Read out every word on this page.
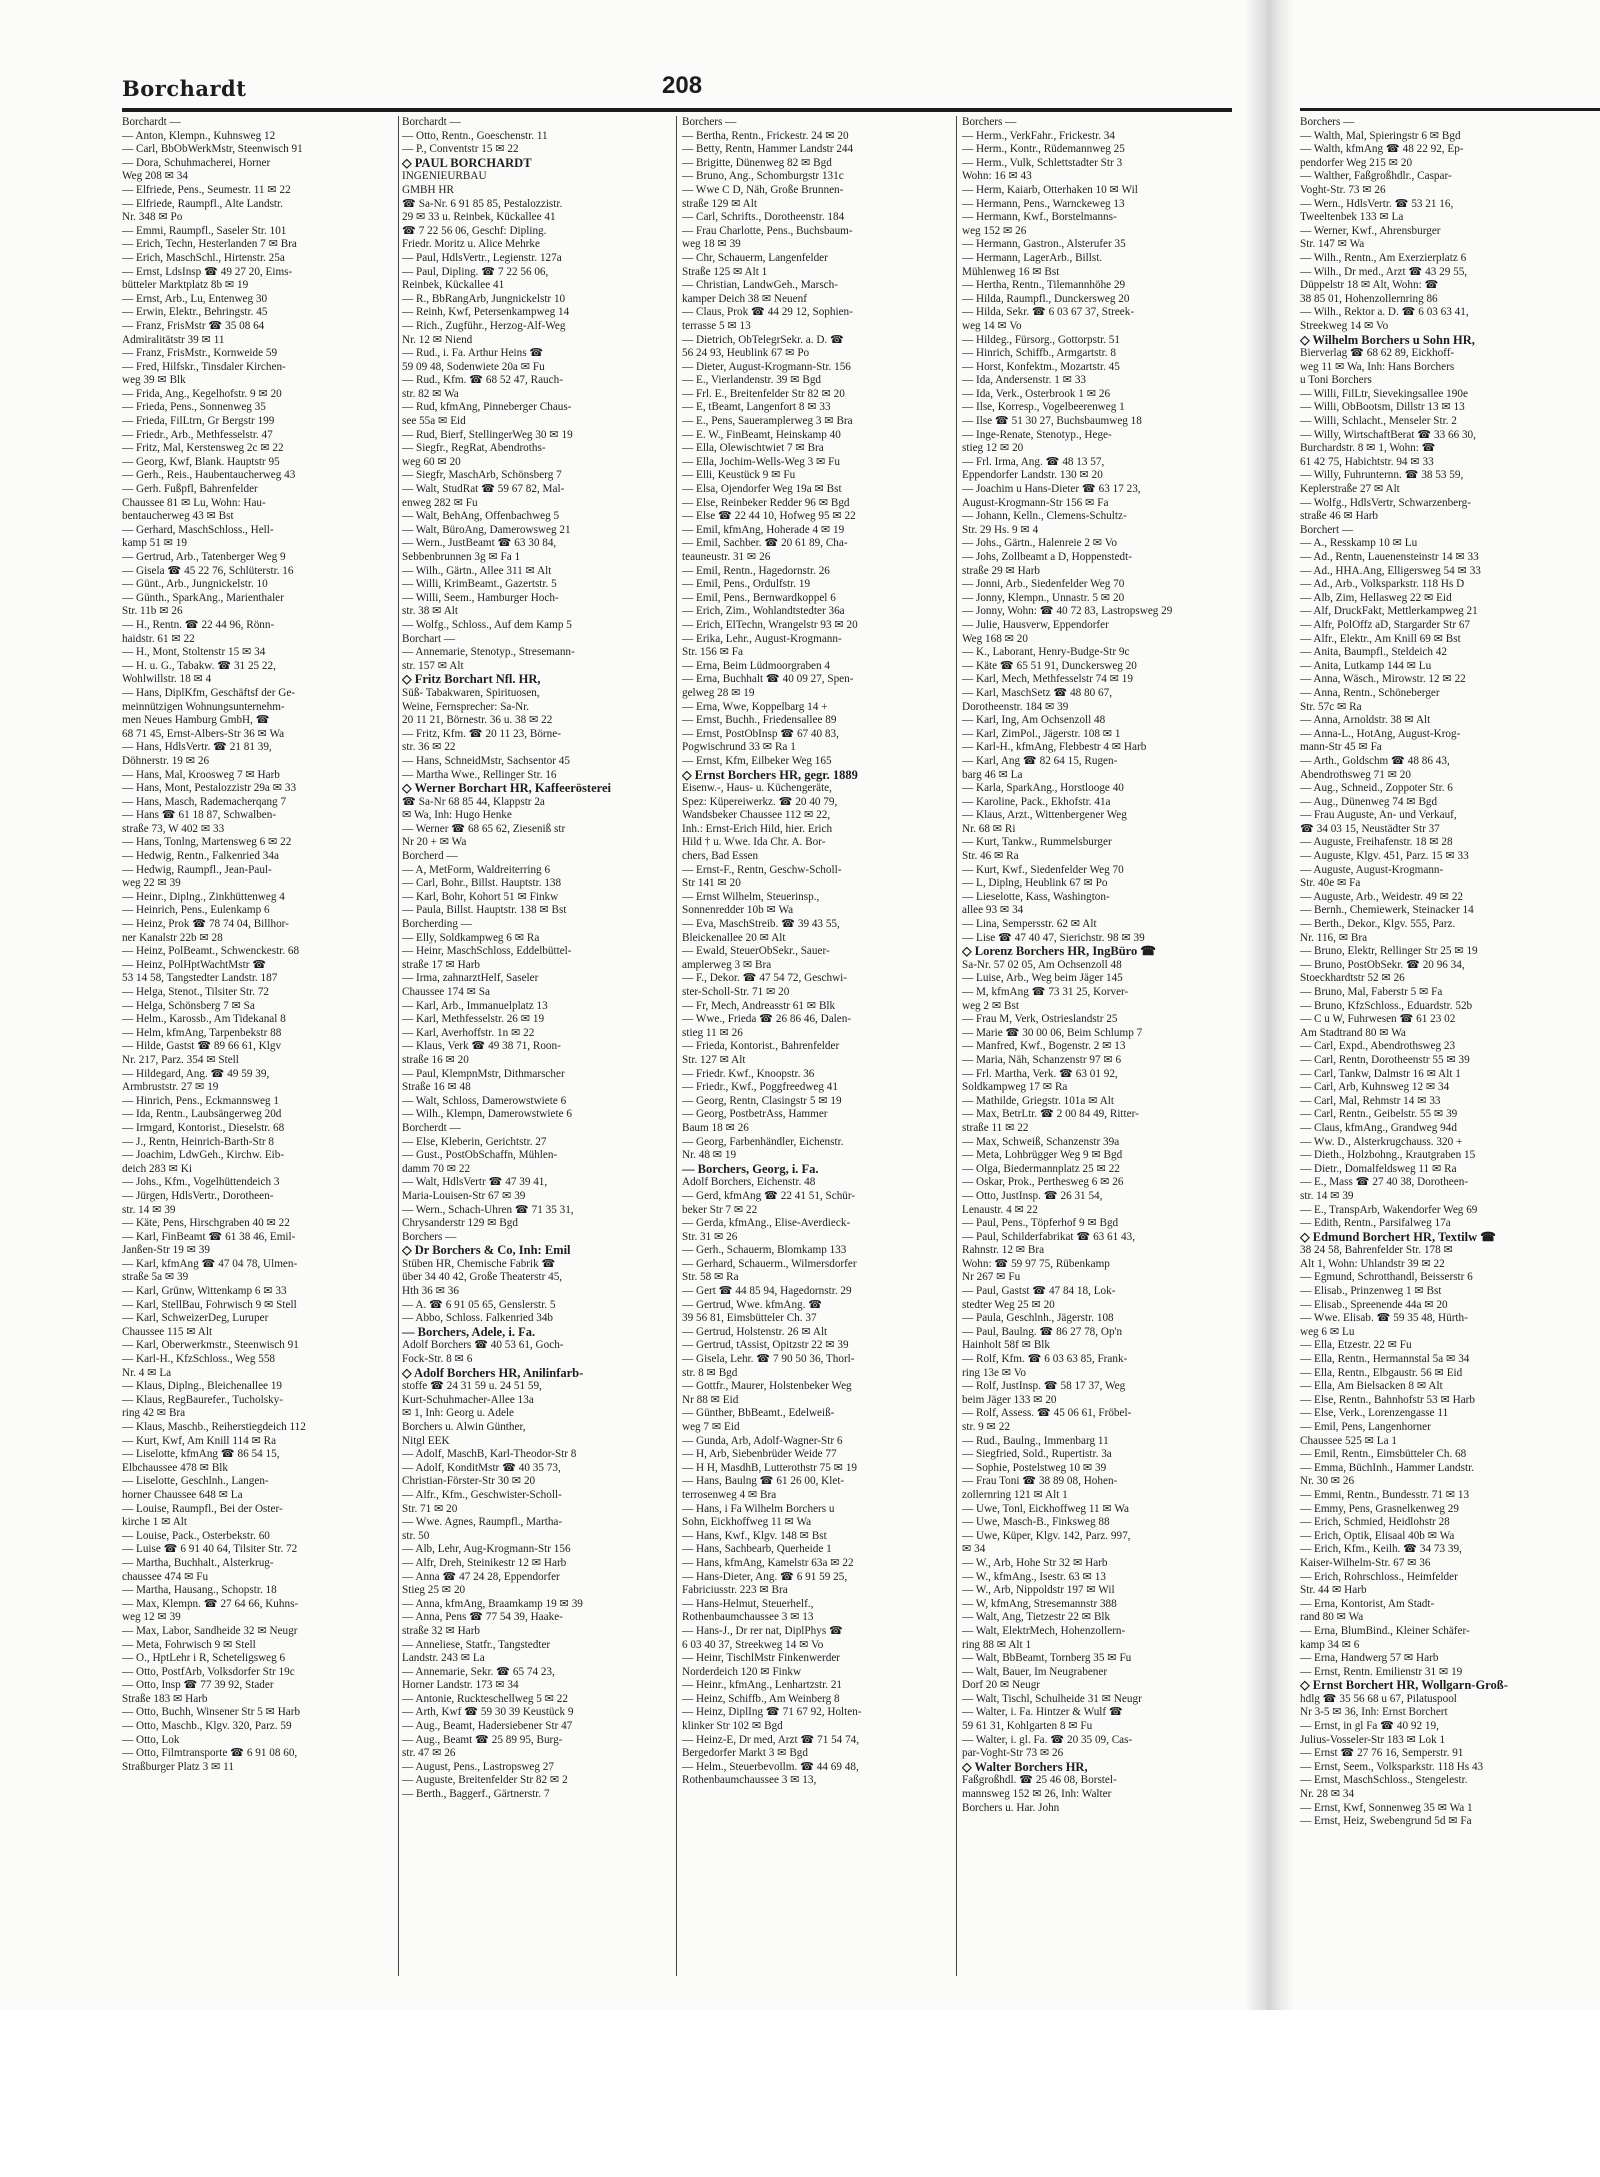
Borchardt	208
Borchardt —
— Anton, Klempn., Kuhnsweg 12
— Carl, BbObWerkMstr, Steenwisch 91
— Dora, Schuhmacherei, Horner
Weg 208 ✉ 34
— Elfriede, Pens., Seumestr. 11 ✉ 22
— Elfriede, Raumpfl., Alte Landstr.
Nr. 348 ✉ Po
— Emmi, Raumpfl., Saseler Str. 101
— Erich, Techn, Hesterlanden 7 ✉ Bra
— Erich, MaschSchl., Hirtenstr. 25a
— Ernst, LdsInsp ☎ 49 27 20, Eims-
bütteler Marktplatz 8b ✉ 19
— Ernst, Arb., Lu, Entenweg 30
— Erwin, Elektr., Behringstr. 45
— Franz, FrisMstr ☎ 35 08 64
Admiralitätstr 39 ✉ 11
— Franz, FrisMstr., Kornweide 59
— Fred, Hilfskr., Tinsdaler Kirchen-
weg 39 ✉ Blk
— Frida, Ang., Kegelhofstr. 9 ✉ 20
— Frieda, Pens., Sonnenweg 35
— Frieda, FilLtrn, Gr Bergstr 199
— Friedr., Arb., Methfesselstr. 47
— Fritz, Mal, Kerstensweg 2c ✉ 22
— Georg, Kwf, Blank. Hauptstr 95
— Gerh., Reis., Haubentaucherweg 43
— Gerh. Fußpfl, Bahrenfelder
Chaussee 81 ✉ Lu, Wohn: Hau-
bentaucherweg 43 ✉ Bst
— Gerhard, MaschSchloss., Hell-
kamp 51 ✉ 19
— Gertrud, Arb., Tatenberger Weg 9
— Gisela ☎ 45 22 76, Schlüterstr. 16
— Günt., Arb., Jungnickelstr. 10
— Günth., SparkAng., Marienthaler
Str. 11b ✉ 26
— H., Rentn. ☎ 22 44 96, Rönn-
haidstr. 61 ✉ 22
— H., Mont, Stoltenstr 15 ✉ 34
— H. u. G., Tabakw. ☎ 31 25 22,
Wohlwillstr. 18 ✉ 4
— Hans, DiplKfm, Geschäftsf der Ge-
meinnützigen Wohnungsunternehm-
men Neues Hamburg GmbH, ☎
68 71 45, Ernst-Albers-Str 36 ✉ Wa
— Hans, HdlsVertr. ☎ 21 81 39,
Döhnerstr. 19 ✉ 26
— Hans, Mal, Kroosweg 7 ✉ Harb
— Hans, Mont, Pestalozzistr 29a ✉ 33
— Hans, Masch, Rademacherqang 7
— Hans ☎ 61 18 87, Schwalben-
straße 73, W 402 ✉ 33
— Hans, Tonlng, Martensweg 6 ✉ 22
— Hedwig, Rentn., Falkenried 34a
— Hedwig, Raumpfl., Jean-Paul-
weg 22 ✉ 39
— Heinr., Diplng., Zinkhüttenweg 4
— Heinrich, Pens., Eulenkamp 6
— Heinz, Prok ☎ 78 74 04, Billhor-
ner Kanalstr 22b ✉ 28
— Heinz, PolBeamt., Schwenckestr. 68
— Heinz, PolHptWachtMstr ☎
53 14 58, Tangstedter Landstr. 187
— Helga, Stenot., Tilsiter Str. 72
— Helga, Schönsberg 7 ✉ Sa
— Helm., Karossb., Am Tidekanal 8
— Helm, kfmAng, Tarpenbekstr 88
— Hilde, Gastst ☎ 89 66 61, Klgv
Nr. 217, Parz. 354 ✉ Stell
— Hildegard, Ang. ☎ 49 59 39,
Armbruststr. 27 ✉ 19
— Hinrich, Pens., Eckmannsweg 1
— Ida, Rentn., Laubsängerweg 20d
— Irmgard, Kontorist., Dieselstr. 68
— J., Rentn, Heinrich-Barth-Str 8
— Joachim, LdwGeh., Kirchw. Eib-
deich 283 ✉ Ki
— Johs., Kfm., Vogelhüttendeich 3
— Jürgen, HdlsVertr., Dorotheen-
str. 14 ✉ 39
— Käte, Pens, Hirschgraben 40 ✉ 22
— Karl, FinBeamt ☎ 61 38 46, Emil-
Janßen-Str 19 ✉ 39
— Karl, kfmAng ☎ 47 04 78, Ulmen-
straße 5a ✉ 39
— Karl, Grünw, Wittenkamp 6 ✉ 33
— Karl, StellBau, Fohrwisch 9 ✉ Stell
— Karl, SchweizerDeg, Luruper
Chaussee 115 ✉ Alt
— Karl, Oberwerkmstr., Steenwisch 91
— Karl-H., KfzSchloss., Weg 558
Nr. 4 ✉ La
— Klaus, Diplng., Bleichenallee 19
— Klaus, RegBaurefer., Tucholsky-
ring 42 ✉ Bra
— Klaus, Maschb., Reiherstiegdeich 112
— Kurt, Kwf, Am Knill 114 ✉ Ra
— Liselotte, kfmAng ☎ 86 54 15,
Elbchaussee 478 ✉ Blk
— Liselotte, Geschlnh., Langen-
horner Chaussee 648 ✉ La
— Louise, Raumpfl., Bei der Oster-
kirche 1 ✉ Alt
— Louise, Pack., Osterbekstr. 60
— Luise ☎ 6 91 40 64, Tilsiter Str. 72
— Martha, Buchhalt., Alsterkrug-
chaussee 474 ✉ Fu
— Martha, Hausang., Schopstr. 18
— Max, Klempn. ☎ 27 64 66, Kuhns-
weg 12 ✉ 39
— Max, Labor, Sandheide 32 ✉ Neugr
— Meta, Fohrwisch 9 ✉ Stell
— O., HptLehr i R, Scheteligsweg 6
— Otto, PostfArb, Volksdorfer Str 19c
— Otto, Insp ☎ 77 39 92, Stader
Straße 183 ✉ Harb
— Otto, Buchh, Winsener Str 5 ✉ Harb
— Otto, Maschb., Klgv. 320, Parz. 59
— Otto, Lok
— Otto, Filmtransporte ☎ 6 91 08 60,
Straßburger Platz 3 ✉ 11
Borchardt —
— Otto, Rentn., Goeschenstr. 11
— P., Conventstr 15 ✉ 22
◇ PAUL BORCHARDT
INGENIEURBAU
GMBH HR
☎ Sa-Nr. 6 91 85 85, Pestalozzistr.
29 ✉ 33 u. Reinbek, Kückallee 41
☎ 7 22 56 06, Geschf: Dipling.
Friedr. Moritz u. Alice Mehrke
— Paul, HdlsVertr., Legienstr. 127a
— Paul, Dipling. ☎ 7 22 56 06,
Reinbek, Kückallee 41
— R., BbRangArb, Jungnickelstr 10
— Reinh, Kwf, Petersenkampweg 14
— Rich., Zugführ., Herzog-Alf-Weg
Nr. 12 ✉ Niend
— Rud., i. Fa. Arthur Heins ☎
59 09 48, Sodenwiete 20a ✉ Fu
— Rud., Kfm. ☎ 68 52 47, Rauch-
str. 82 ✉ Wa
— Rud, kfmAng, Pinneberger Chaus-
see 55a ✉ Eid
— Rud, Bierf, StellingerWeg 30 ✉ 19
— Siegfr., RegRat, Abendroths-
weg 60 ✉ 20
— Siegfr, MaschArb, Schönsberg 7
— Walt, StudRat ☎ 59 67 82, Mal-
enweg 282 ✉ Fu
— Walt, BehAng, Offenbachweg 5
— Walt, BüroAng, Damerowsweg 21
— Wern., JustBeamt ☎ 63 30 84,
Sebbenbrunnen 3g ✉ Fa 1
— Wilh., Gärtn., Allee 311 ✉ Alt
— Willi, KrimBeamt., Gazertstr. 5
— Willi, Seem., Hamburger Hoch-
str. 38 ✉ Alt
— Wolfg., Schloss., Auf dem Kamp 5
Borchart —
— Annemarie, Stenotyp., Stresemann-
str. 157 ✉ Alt
◇ Fritz Borchart Nfl. HR,
Süß- Tabakwaren, Spirituosen,
Weine, Fernsprecher: Sa-Nr.
20 11 21, Börnestr. 36 u. 38 ✉ 22
— Fritz, Kfm. ☎ 20 11 23, Börne-
str. 36 ✉ 22
— Hans, SchneidMstr, Sachsentor 45
— Martha Wwe., Rellinger Str. 16
◇ Werner Borchart HR, Kaffeerösterei
☎ Sa-Nr 68 85 44, Klappstr 2a
✉ Wa, Inh: Hugo Henke
— Werner ☎ 68 65 62, Zieseniß str
Nr 20 + ✉ Wa
Borcherd —
— A, MetForm, Waldreiterring 6
— Carl, Bohr., Billst. Hauptstr. 138
— Karl, Bohr, Kohort 51 ✉ Finkw
— Paula, Billst. Hauptstr. 138 ✉ Bst
Borcherding —
— Elly, Soldkampweg 6 ✉ Ra
— Heinr, MaschSchloss, Eddelbüttel-
straße 17 ✉ Harb
— Irma, zahnarztHelf, Saseler
Chaussee 174 ✉ Sa
— Karl, Arb., Immanuelplatz 13
— Karl, Methfesselstr. 26 ✉ 19
— Karl, Averhoffstr. 1n ✉ 22
— Klaus, Verk ☎ 49 38 71, Roon-
straße 16 ✉ 20
— Paul, KlempnMstr, Dithmarscher
Straße 16 ✉ 48
— Walt, Schloss, Damerowstwiete 6
— Wilh., Klempn, Damerowstwiete 6
Borcherdt —
— Else, Kleberin, Gerichtstr. 27
— Gust., PostObSchaffn, Mühlen-
damm 70 ✉ 22
— Walt, HdlsVertr ☎ 47 39 41,
Maria-Louisen-Str 67 ✉ 39
— Wern., Schach-Uhren ☎ 71 35 31,
Chrysanderstr 129 ✉ Bgd
Borchers —
◇ Dr Borchers & Co, Inh: Emil
Stüben HR, Chemische Fabrik ☎
über 34 40 42, Große Theaterstr 45,
Hth 36 ✉ 36
— A. ☎ 6 91 05 65, Genslerstr. 5
— Abbo, Schloss. Falkenried 34b
— Borchers, Adele, i. Fa.
Adolf Borchers ☎ 40 53 61, Goch-
Fock-Str. 8 ✉ 6
◇ Adolf Borchers HR, Anilinfarb-
stoffe ☎ 24 31 59 u. 24 51 59,
Kurt-Schuhmacher-Allee 13a
✉ 1, Inh: Georg u. Adele
Borchers u. Alwin Günther,
Nitgl EEK
— Adolf, MaschB, Karl-Theodor-Str 8
— Adolf, KonditMstr ☎ 40 35 73,
Christian-Förster-Str 30 ✉ 20
— Alfr., Kfm., Geschwister-Scholl-
Str. 71 ✉ 20
— Wwe. Agnes, Raumpfl., Martha-
str. 50
— Alb, Lehr, Aug-Krogmann-Str 156
— Alfr, Dreh, Steinikestr 12 ✉ Harb
— Anna ☎ 47 24 28, Eppendorfer
Stieg 25 ✉ 20
— Anna, kfmAng, Braamkamp 19 ✉ 39
— Anna, Pens ☎ 77 54 39, Haake-
straße 32 ✉ Harb
— Anneliese, Statfr., Tangstedter
Landstr. 243 ✉ La
— Annemarie, Sekr. ☎ 65 74 23,
Horner Landstr. 173 ✉ 34
— Antonie, Ruckteschellweg 5 ✉ 22
— Arth, Kwf ☎ 59 30 39 Keustück 9
— Aug., Beamt, Hadersiebener Str 47
— Aug., Beamt ☎ 25 89 95, Burg-
str. 47 ✉ 26
— August, Pens., Lastropsweg 27
— Auguste, Breitenfelder Str 82 ✉ 2
— Berth., Baggerf., Gärtnerstr. 7
Borchers —
— Bertha, Rentn., Frickestr. 24 ✉ 20
— Betty, Rentn, Hammer Landstr 244
— Brigitte, Dünenweg 82 ✉ Bgd
— Bruno, Ang., Schomburgstr 131c
— Wwe C D, Näh, Große Brunnen-
straße 129 ✉ Alt
— Carl, Schrifts., Dorotheenstr. 184
— Frau Charlotte, Pens., Buchsbaum-
weg 18 ✉ 39
— Chr, Schauerm, Langenfelder
Straße 125 ✉ Alt 1
— Christian, LandwGeh., Marsch-
kamper Deich 38 ✉ Neuenf
— Claus, Prok ☎ 44 29 12, Sophien-
terrasse 5 ✉ 13
— Dietrich, ObTelegrSekr. a. D. ☎
56 24 93, Heublink 67 ✉ Po
— Dieter, August-Krogmann-Str. 156
— E., Vierlandenstr. 39 ✉ Bgd
— Frl. E., Breitenfelder Str 82 ✉ 20
— E, tBeamt, Langenfort 8 ✉ 33
— E., Pens, Saueramplerweg 3 ✉ Bra
— E. W., FinBeamt, Heinskamp 40
— Ella, Olewischtwiet 7 ✉ Bra
— Ella, Jochim-Wells-Weg 3 ✉ Fu
— Elli, Keustück 9 ✉ Fu
— Elsa, Ojendorfer Weg 19a ✉ Bst
— Else, Reinbeker Redder 96 ✉ Bgd
— Else ☎ 22 44 10, Hofweg 95 ✉ 22
— Emil, kfmAng, Hoherade 4 ✉ 19
— Emil, Sachber. ☎ 20 61 89, Cha-
teauneustr. 31 ✉ 26
— Emil, Rentn., Hagedornstr. 26
— Emil, Pens., Ordulfstr. 19
— Emil, Pens., Bernwardkoppel 6
— Erich, Zim., Wohlandtstedter 36a
— Erich, ElTechn, Wrangelstr 93 ✉ 20
— Erika, Lehr., August-Krogmann-
Str. 156 ✉ Fa
— Erna, Beim Lüdmoorgraben 4
— Erna, Buchhalt ☎ 40 09 27, Spen-
gelweg 28 ✉ 19
— Erna, Wwe, Koppelbarg 14 +
— Ernst, Buchh., Friedensallee 89
— Ernst, PostObInsp ☎ 67 40 83,
Pogwischrund 33 ✉ Ra 1
— Ernst, Kfm, Eilbeker Weg 165
◇ Ernst Borchers HR, gegr. 1889
Eisenw.-, Haus- u. Küchengeräte,
Spez: Küpereiwerkz. ☎ 20 40 79,
Wandsbeker Chaussee 112 ✉ 22,
Inh.: Ernst-Erich Hild, hier. Erich
Hild † u. Wwe. Ida Chr. A. Bor-
chers, Bad Essen
— Ernst-F., Rentn, Geschw-Scholl-
Str 141 ✉ 20
— Ernst Wilhelm, Steuerinsp.,
Sonnenredder 10b ✉ Wa
— Eva, MaschStreib. ☎ 39 43 55,
Bleickenallee 20 ✉ Alt
— Ewald, SteuerObSekr., Sauer-
amplerweg 3 ✉ Bra
— F., Dekor. ☎ 47 54 72, Geschwi-
ster-Scholl-Str. 71 ✉ 20
— Fr, Mech, Andreasstr 61 ✉ Blk
— Wwe., Frieda ☎ 26 86 46, Dalen-
stieg 11 ✉ 26
— Frieda, Kontorist., Bahrenfelder
Str. 127 ✉ Alt
— Friedr. Kwf., Knoopstr. 36
— Friedr., Kwf., Poggfreedweg 41
— Georg, Rentn, Clasingstr 5 ✉ 19
— Georg, PostbetrAss, Hammer
Baum 18 ✉ 26
— Georg, Farbenhändler, Eichenstr.
Nr. 48 ✉ 19
— Borchers, Georg, i. Fa.
Adolf Borchers, Eichenstr. 48
— Gerd, kfmAng ☎ 22 41 51, Schür-
beker Str 7 ✉ 22
— Gerda, kfmAng., Elise-Averdieck-
Str. 31 ✉ 26
— Gerh., Schauerm, Blomkamp 133
— Gerhard, Schauerm., Wilmersdorfer
Str. 58 ✉ Ra
— Gert ☎ 44 85 94, Hagedornstr. 29
— Gertrud, Wwe. kfmAng. ☎
39 56 81, Eimsbütteler Ch. 37
— Gertrud, Holstenstr. 26 ✉ Alt
— Gertrud, tAssist, Opitzstr 22 ✉ 39
— Gisela, Lehr. ☎ 7 90 50 36, Thorl-
str. 8 ✉ Bgd
— Gottfr., Maurer, Holstenbeker Weg
Nr 88 ✉ Eid
— Günther, BbBeamt., Edelweiß-
weg 7 ✉ Eid
— Gunda, Arb, Adolf-Wagner-Str 6
— H, Arb, Siebenbrüder Weide 77
— H H, MasdhB, Lutterothstr 75 ✉ 19
— Hans, Baulng ☎ 61 26 00, Klet-
terrosenweg 4 ✉ Bra
— Hans, i Fa Wilhelm Borchers u
Sohn, Eickhoffweg 11 ✉ Wa
— Hans, Kwf., Klgv. 148 ✉ Bst
— Hans, Sachbearb, Querheide 1
— Hans, kfmAng, Kamelstr 63a ✉ 22
— Hans-Dieter, Ang. ☎ 6 91 59 25,
Fabriciusstr. 223 ✉ Bra
— Hans-Helmut, Steuerhelf.,
Rothenbaumchaussee 3 ✉ 13
— Hans-J., Dr rer nat, DiplPhys ☎
6 03 40 37, Streekweg 14 ✉ Vo
— Heinr, TischlMstr Finkenwerder
Norderdeich 120 ✉ Finkw
— Heinr., kfmAng., Lenhartzstr. 21
— Heinz, Schiffb., Am Weinberg 8
— Heinz, DiplIng ☎ 71 67 92, Holten-
klinker Str 102 ✉ Bgd
— Heinz-E, Dr med, Arzt ☎ 71 54 74,
Bergedorfer Markt 3 ✉ Bgd
— Helm., Steuerbevollm. ☎ 44 69 48,
Rothenbaumchaussee 3 ✉ 13,
Borchers —
— Herm., VerkFahr., Frickestr. 34
— Herm., Kontr., Rüdemannweg 25
— Herm., Vulk, Schlettstadter Str 3
Wohn: 16 ✉ 43
— Herm, Kaiarb, Otterhaken 10 ✉ Wil
— Hermann, Pens., Warnckeweg 13
— Hermann, Kwf., Borstelmanns-
weg 152 ✉ 26
— Hermann, Gastron., Alsterufer 35
— Hermann, LagerArb., Billst.
Mühlenweg 16 ✉ Bst
— Hertha, Rentn., Tilemannhöhe 29
— Hilda, Raumpfl., Dunckersweg 20
— Hilda, Sekr. ☎ 6 03 67 37, Streek-
weg 14 ✉ Vo
— Hildeg., Fürsorg., Gottorpstr. 51
— Hinrich, Schiffb., Armgartstr. 8
— Horst, Konfektm., Mozartstr. 45
— Ida, Andersenstr. 1 ✉ 33
— Ida, Verk., Osterbrook 1 ✉ 26
— Ilse, Korresp., Vogelbeerenweg 1
— Ilse ☎ 51 30 27, Buchsbaumweg 18
— Inge-Renate, Stenotyp., Hege-
stieg 12 ✉ 20
— Frl. Irma, Ang. ☎ 48 13 57,
Eppendorfer Landstr. 130 ✉ 20
— Joachim u Hans-Dieter ☎ 63 17 23,
August-Krogmann-Str 156 ✉ Fa
— Johann, Kelln., Clemens-Schultz-
Str. 29 Hs. 9 ✉ 4
— Johs., Gärtn., Halenreie 2 ✉ Vo
— Johs, Zollbeamt a D, Hoppenstedt-
straße 29 ✉ Harb
— Jonni, Arb., Siedenfelder Weg 70
— Jonny, Klempn., Unnastr. 5 ✉ 20
— Jonny, Wohn: ☎ 40 72 83, Lastropsweg 29
— Julie, Hausverw, Eppendorfer
Weg 168 ✉ 20
— K., Laborant, Henry-Budge-Str 9c
— Käte ☎ 65 51 91, Dunckersweg 20
— Karl, Mech, Methfesselstr 74 ✉ 19
— Karl, MaschSetz ☎ 48 80 67,
Dorotheenstr. 184 ✉ 39
— Karl, Ing, Am Ochsenzoll 48
— Karl, ZimPol., Jägerstr. 108 ✉ 1
— Karl-H., kfmAng, Flebbestr 4 ✉ Harb
— Karl, Ang ☎ 82 64 15, Rugen-
barg 46 ✉ La
— Karla, SparkAng., Horstlooge 40
— Karoline, Pack., Ekhofstr. 41a
— Klaus, Arzt., Wittenbergener Weg
Nr. 68 ✉ Ri
— Kurt, Tankw., Rummelsburger
Str. 46 ✉ Ra
— Kurt, Kwf., Siedenfelder Weg 70
— L, Diplng, Heublink 67 ✉ Po
— Lieselotte, Kass, Washington-
allee 93 ✉ 34
— Lina, Sempersstr. 62 ✉ Alt
— Lise ☎ 47 40 47, Sierichstr. 98 ✉ 39
◇ Lorenz Borchers HR, IngBüro ☎
Sa-Nr. 57 02 05, Am Ochsenzoll 48
— Luise, Arb., Weg beim Jäger 145
— M, kfmAng ☎ 73 31 25, Korver-
weg 2 ✉ Bst
— Frau M, Verk, Ostrieslandstr 25
— Marie ☎ 30 00 06, Beim Schlump 7
— Manfred, Kwf., Bogenstr. 2 ✉ 13
— Maria, Näh, Schanzenstr 97 ✉ 6
— Frl. Martha, Verk. ☎ 63 01 92,
Soldkampweg 17 ✉ Ra
— Mathilde, Griegstr. 101a ✉ Alt
— Max, BetrLtr. ☎ 2 00 84 49, Ritter-
straße 11 ✉ 22
— Max, Schweiß, Schanzenstr 39a
— Meta, Lohbrügger Weg 9 ✉ Bgd
— Olga, Biedermannplatz 25 ✉ 22
— Oskar, Prok., Perthesweg 6 ✉ 26
— Otto, JustInsp. ☎ 26 31 54,
Lenaustr. 4 ✉ 22
— Paul, Pens., Töpferhof 9 ✉ Bgd
— Paul, Schilderfabrikat ☎ 63 61 43,
Rahnstr. 12 ✉ Bra
Wohn: ☎ 59 97 75, Rübenkamp
Nr 267 ✉ Fu
— Paul, Gastst ☎ 47 84 18, Lok-
stedter Weg 25 ✉ 20
— Paula, Geschlnh., Jägerstr. 108
— Paul, Baulng. ☎ 86 27 78, Op'n
Hainholt 58f ✉ Blk
— Rolf, Kfm. ☎ 6 03 63 85, Frank-
ring 13e ✉ Vo
— Rolf, JustInsp. ☎ 58 17 37, Weg
beim Jäger 133 ✉ 20
— Rolf, Assess. ☎ 45 06 61, Fröbel-
str. 9 ✉ 22
— Rud., Baulng., Immenbarg 11
— Siegfried, Sold., Rupertistr. 3a
— Sophie, Postelstweg 10 ✉ 39
— Frau Toni ☎ 38 89 08, Hohen-
zollernring 121 ✉ Alt 1
— Uwe, Tonl, Eickhoffweg 11 ✉ Wa
— Uwe, Masch-B., Finksweg 88
— Uwe, Küper, Klgv. 142, Parz. 997,
✉ 34
— W., Arb, Hohe Str 32 ✉ Harb
— W., kfmAng., Isestr. 63 ✉ 13
— W., Arb, Nippoldstr 197 ✉ Wil
— W, kfmAng, Stresemannstr 388
— Walt, Ang, Tietzestr 22 ✉ Blk
— Walt, ElektrMech, Hohenzollern-
ring 88 ✉ Alt 1
— Walt, BbBeamt, Tornberg 35 ✉ Fu
— Walt, Bauer, Im Neugrabener
Dorf 20 ✉ Neugr
— Walt, Tischl, Schulheide 31 ✉ Neugr
— Walter, i. Fa. Hintzer & Wulf ☎
59 61 31, Kohlgarten 8 ✉ Fu
— Walter, i. gl. Fa. ☎ 20 35 09, Cas-
par-Voght-Str 73 ✉ 26
◇ Walter Borchers HR,
Faßgroßhdl. ☎ 25 46 08, Borstel-
mannsweg 152 ✉ 26, Inh: Walter
Borchers u. Har. John
Borchers —
— Walth, Mal, Spieringstr 6 ✉ Bgd
— Walth, kfmAng ☎ 48 22 92, Ep-
pendorfer Weg 215 ✉ 20
— Walther, Faßgroßhdlr., Caspar-
Voght-Str. 73 ✉ 26
— Wern., HdlsVertr. ☎ 53 21 16,
Tweeltenbek 133 ✉ La
— Werner, Kwf., Ahrensburger
Str. 147 ✉ Wa
— Wilh., Rentn., Am Exerzierplatz 6
— Wilh., Dr med., Arzt ☎ 43 29 55,
Düppelstr 18 ✉ Alt, Wohn: ☎
38 85 01, Hohenzollernring 86
— Wilh., Rektor a. D. ☎ 6 03 63 41,
Streekweg 14 ✉ Vo
◇ Wilhelm Borchers u Sohn HR,
Bierverlag ☎ 68 62 89, Eickhoff-
weg 11 ✉ Wa, Inh: Hans Borchers
u Toni Borchers
— Willi, FilLtr, Sievekingsallee 190e
— Willi, ObBootsm, Dillstr 13 ✉ 13
— Willi, Schlacht., Menseler Str. 2
— Willy, WirtschaftBerat ☎ 33 66 30,
Burchardstr. 8 ✉ 1, Wohn: ☎
61 42 75, Habichtstr. 94 ✉ 33
— Willy, Fuhrunternn. ☎ 38 53 59,
Keplerstraße 27 ✉ Alt
— Wolfg., HdlsVertr, Schwarzenberg-
straße 46 ✉ Harb
Borchert —
— A., Resskamp 10 ✉ Lu
— Ad., Rentn, Lauenensteinstr 14 ✉ 33
— Ad., HHA.Ang, Elligersweg 54 ✉ 33
— Ad., Arb., Volksparkstr. 118 Hs D
— Alb, Zim, Hellasweg 22 ✉ Eid
— Alf, DruckFakt, Mettlerkampweg 21
— Alfr, PolOffz aD, Stargarder Str 67
— Alfr., Elektr., Am Knill 69 ✉ Bst
— Anita, Baumpfl., Steldeich 42
— Anita, Lutkamp 144 ✉ Lu
— Anna, Wäsch., Mirowstr. 12 ✉ 22
— Anna, Rentn., Schöneberger
Str. 57c ✉ Ra
— Anna, Arnoldstr. 38 ✉ Alt
— Anna-L., HotAng, August-Krog-
mann-Str 45 ✉ Fa
— Arth., Goldschm ☎ 48 86 43,
Abendrothsweg 71 ✉ 20
— Aug., Schneid., Zoppoter Str. 6
— Aug., Dünenweg 74 ✉ Bgd
— Frau Auguste, An- und Verkauf,
☎ 34 03 15, Neustädter Str 37
— Auguste, Freihafenstr. 18 ✉ 28
— Auguste, Klgv. 451, Parz. 15 ✉ 33
— Auguste, August-Krogmann-
Str. 40e ✉ Fa
— Auguste, Arb., Weidestr. 49 ✉ 22
— Bernh., Chemiewerk, Steinacker 14
— Berth., Dekor., Klgv. 555, Parz.
Nr. 116, ✉ Bra
— Bruno, Elektr, Rellinger Str 25 ✉ 19
— Bruno, PostObSekr. ☎ 20 96 34,
Stoeckhardtstr 52 ✉ 26
— Bruno, Mal, Faberstr 5 ✉ Fa
— Bruno, KfzSchloss., Eduardstr. 52b
— C u W, Fuhrwesen ☎ 61 23 02
Am Stadtrand 80 ✉ Wa
— Carl, Expd., Abendrothsweg 23
— Carl, Rentn, Dorotheenstr 55 ✉ 39
— Carl, Tankw, Dalmstr 16 ✉ Alt 1
— Carl, Arb, Kuhnsweg 12 ✉ 34
— Carl, Mal, Rehmstr 14 ✉ 33
— Carl, Rentn., Geibelstr. 55 ✉ 39
— Claus, kfmAng., Grandweg 94d
— Ww. D., Alsterkrugchauss. 320 +
— Dieth., Holzbohng., Krautgraben 15
— Dietr., Domalfeldsweg 11 ✉ Ra
— E., Mass ☎ 27 40 38, Dorotheen-
str. 14 ✉ 39
— E., TranspArb, Wakendorfer Weg 69
— Edith, Rentn., Parsifalweg 17a
◇ Edmund Borchert HR, Textilw ☎
38 24 58, Bahrenfelder Str. 178 ✉
Alt 1, Wohn: Uhlandstr 39 ✉ 22
— Egmund, Schrotthandl, Beisserstr 6
— Elisab., Prinzenweg 1 ✉ Bst
— Elisab., Spreenende 44a ✉ 20
— Wwe. Elisab. ☎ 59 35 48, Hürth-
weg 6 ✉ Lu
— Ella, Etzestr. 22 ✉ Fu
— Ella, Rentn., Hermannstal 5a ✉ 34
— Ella, Rentn., Elbgaustr. 56 ✉ Eid
— Ella, Am Bielsacken 8 ✉ Alt
— Else, Rentn., Bahnhofstr 53 ✉ Harb
— Else, Verk., Lorenzengasse 11
— Emil, Pens, Langenhorner
Chaussee 525 ✉ La 1
— Emil, Rentn., Eimsbütteler Ch. 68
— Emma, BüchInh., Hammer Landstr.
Nr. 30 ✉ 26
— Emmi, Rentn., Bundesstr. 71 ✉ 13
— Emmy, Pens, Grasnelkenweg 29
— Erich, Schmied, Heidlohstr 28
— Erich, Optik, Elisaal 40b ✉ Wa
— Erich, Kfm., Keilh. ☎ 34 73 39,
Kaiser-Wilhelm-Str. 67 ✉ 36
— Erich, Rohrschloss., Heimfelder
Str. 44 ✉ Harb
— Erna, Kontorist, Am Stadt-
rand 80 ✉ Wa
— Erna, BlumBind., Kleiner Schäfer-
kamp 34 ✉ 6
— Erna, Handwerg 57 ✉ Harb
— Ernst, Rentn. Emilienstr 31 ✉ 19
◇ Ernst Borchert HR, Wollgarn-Groß-
hdlg ☎ 35 56 68 u 67, Pilatuspool
Nr 3-5 ✉ 36, Inh: Ernst Borchert
— Ernst, in gl Fa ☎ 40 92 19,
Julius-Vosseler-Str 183 ✉ Lok 1
— Ernst ☎ 27 76 16, Semperstr. 91
— Ernst, Seem., Volksparkstr. 118 Hs 43
— Ernst, MaschSchloss., Stengelestr.
Nr. 28 ✉ 34
— Ernst, Kwf, Sonnenweg 35 ✉ Wa 1
— Ernst, Heiz, Swebengrund 5d ✉ Fa
